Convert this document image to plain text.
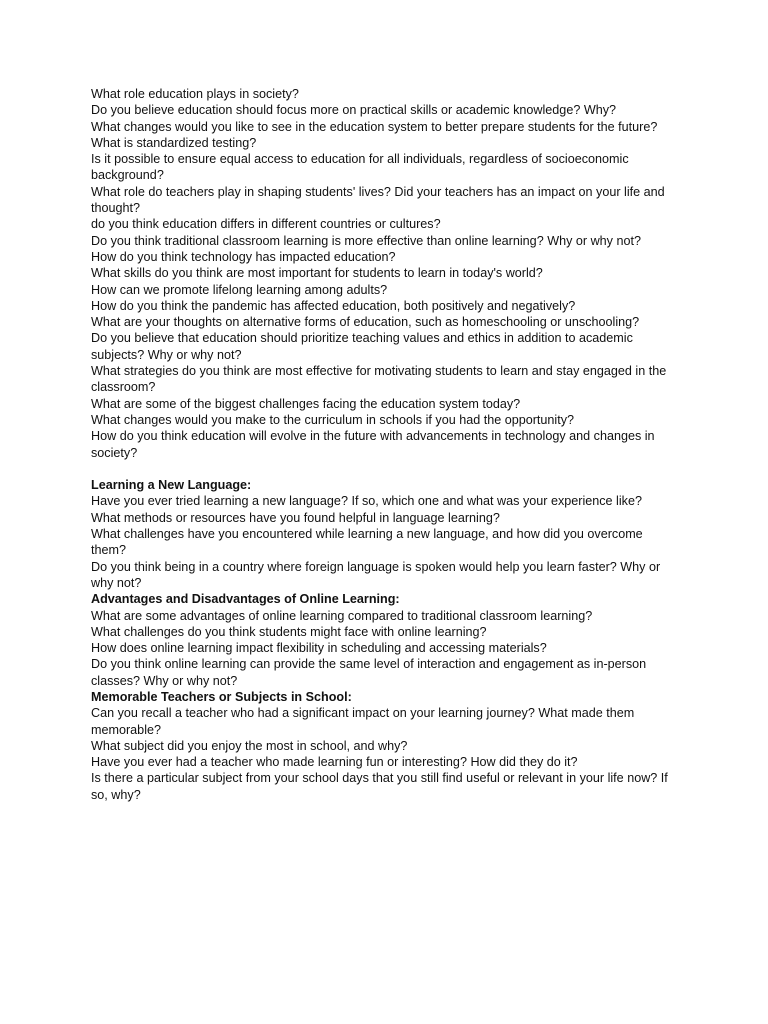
What role education plays in society?

Do you believe education should focus more on practical skills or academic knowledge? Why?

What changes would you like to see in the education system to better prepare students for the future?

What is standardized testing?

Is it possible to ensure equal access to education for all individuals, regardless of socioeconomic background?

What role do teachers play in shaping students' lives? Did your teachers has an impact on your life and thought?

do you think education differs in different countries or cultures?

Do you think traditional classroom learning is more effective than online learning? Why or why not?

How do you think technology has impacted education?

What skills do you think are most important for students to learn in today's world?

How can we promote lifelong learning among adults?

How do you think the pandemic has affected education, both positively and negatively?

What are your thoughts on alternative forms of education, such as homeschooling or unschooling?

Do you believe that education should prioritize teaching values and ethics in addition to academic subjects? Why or why not?

What strategies do you think are most effective for motivating students to learn and stay engaged in the classroom?

What are some of the biggest challenges facing the education system today?

What changes would you make to the curriculum in schools if you had the opportunity?

How do you think education will evolve in the future with advancements in technology and changes in society?

Learning a New Language:

Have you ever tried learning a new language? If so, which one and what was your experience like?

What methods or resources have you found helpful in language learning?

What challenges have you encountered while learning a new language, and how did you overcome them?

Do you think being in a country where foreign language is spoken would help you learn faster? Why or why not?

Advantages and Disadvantages of Online Learning:

What are some advantages of online learning compared to traditional classroom learning?

What challenges do you think students might face with online learning?

How does online learning impact flexibility in scheduling and accessing materials?

Do you think online learning can provide the same level of interaction and engagement as in-person classes? Why or why not?

Memorable Teachers or Subjects in School:

Can you recall a teacher who had a significant impact on your learning journey? What made them memorable?

What subject did you enjoy the most in school, and why?

Have you ever had a teacher who made learning fun or interesting? How did they do it?

Is there a particular subject from your school days that you still find useful or relevant in your life now? If so, why?
